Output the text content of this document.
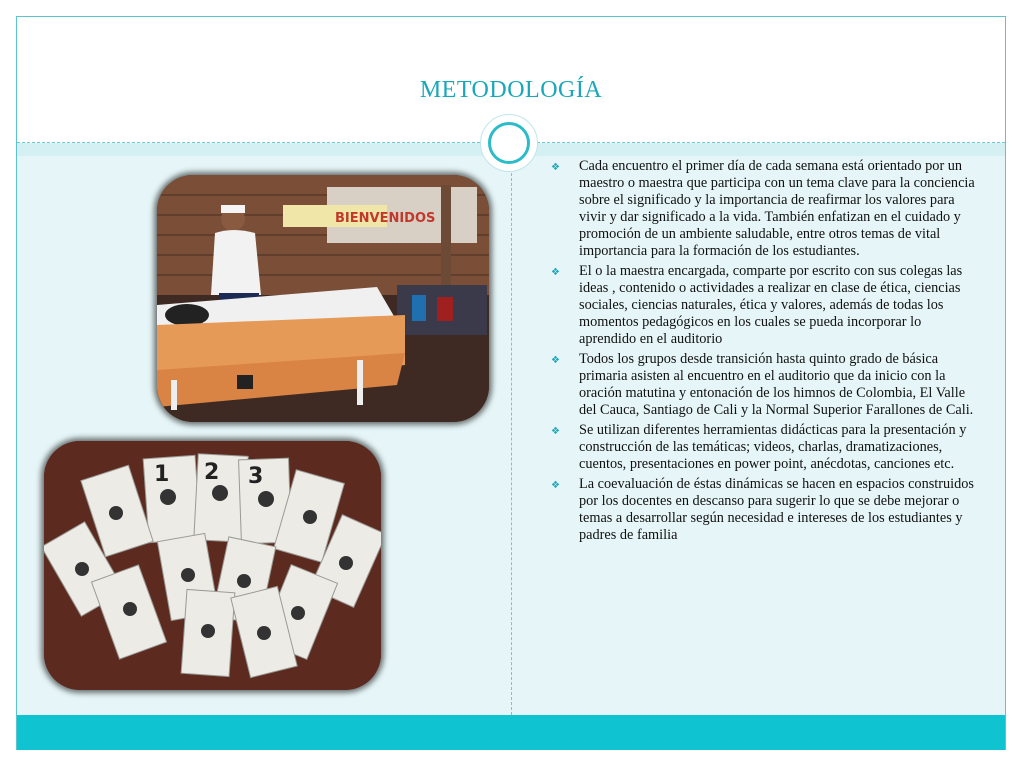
METODOLOGÍA
BIENVENIDOS
1 2 3
❖ Cada encuentro el primer día de cada semana está orientado por un maestro o maestra que participa con un tema clave para la conciencia sobre el significado y la importancia de reafirmar los valores para vivir y dar significado a la vida. También enfatizan en el cuidado y promoción de un ambiente saludable, entre otros temas de vital importancia para la formación de los estudiantes.
❖ El o la maestra encargada, comparte por escrito con sus colegas las ideas , contenido o actividades a realizar en clase de ética, ciencias sociales, ciencias naturales, ética y valores, además de todas los momentos pedagógicos en los cuales se pueda incorporar lo aprendido en el auditorio
❖ Todos los grupos desde transición hasta quinto grado de básica primaria asisten al encuentro en el auditorio que da inicio con la oración matutina y entonación de los himnos de Colombia, El Valle del Cauca, Santiago de Cali y la Normal Superior Farallones de Cali.
❖ Se utilizan diferentes herramientas didácticas para la presentación y construcción de las temáticas; videos, charlas, dramatizaciones, cuentos, presentaciones en power point, anécdotas, canciones etc.
❖ La coevaluación de éstas dinámicas se hacen en espacios construidos por los docentes en descanso para sugerir lo que se debe mejorar o temas a desarrollar según necesidad e intereses de los estudiantes y padres de familia
